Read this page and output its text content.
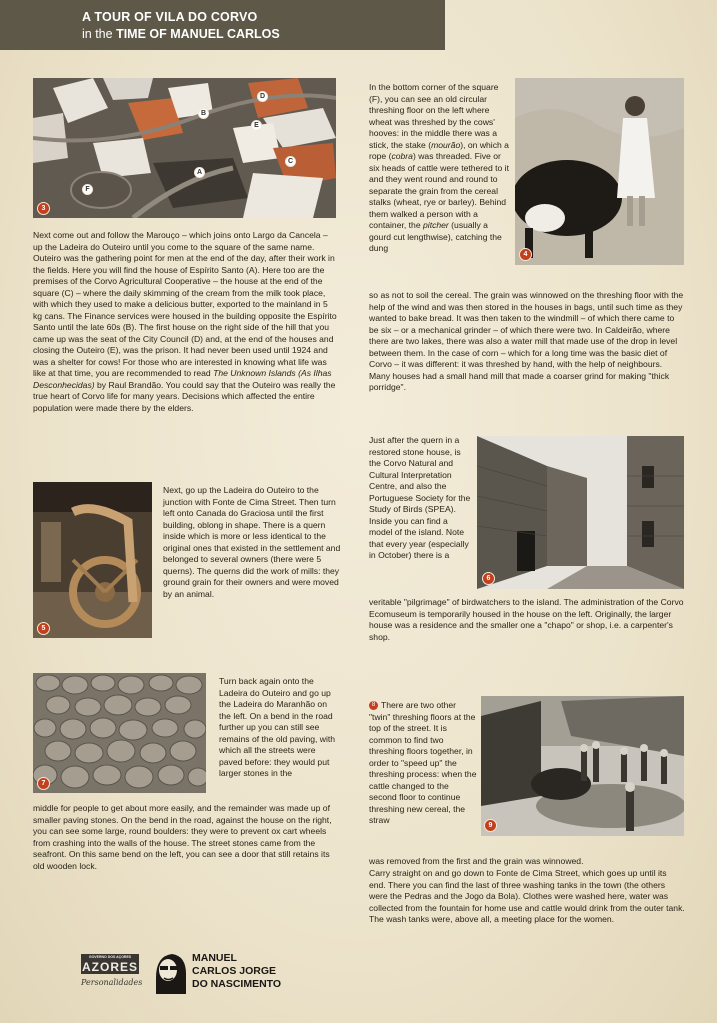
A TOUR OF VILA DO CORVO
in the TIME OF MANUEL CARLOS
3
D
B
E
C
A
F

Next come out and follow the Marouço – which joins onto Largo da Cancela – up the Ladeira do Outeiro until you come to the square of the same name. Outeiro was the gathering point for men at the end of the day, after their work in the fields. Here you will find the house of Espírito Santo (A). Here too are the premises of the Corvo Agricultural Cooperative – the house at the end of the square (C) – where the daily skimming of the cream from the milk took place, with which they used to make a delicious butter, exported to the mainland in 5 kg cans. The Finance services were housed in the building opposite the Espírito Santo until the late 60s (B). The first house on the right side of the hill that you came up was the seat of the City Council (D) and, at the end of the houses and closing the Outeiro (E), was the prison. It had never been used until 1924 and was a shelter for cows! For those who are interested in knowing what life was like at that time, you are recommended to read The Unknown Islands (As Ilhas Desconhecidas) by Raul Brandão. You could say that the Outeiro was really the true heart of Corvo life for many years. Decisions which affected the entire population were made there by the elders.

5

Next, go up the Ladeira do Outeiro to the junction with Fonte de Cima Street. Then turn left onto Canada do Graciosa until the first building, oblong in shape. There is a quern inside which is more or less identical to the original ones that existed in the settlement and belonged to several owners (there were 5 querns). The querns did the work of mills: they ground grain for their owners and were moved by an animal.

7

Turn back again onto the Ladeira do Outeiro and go up the Ladeira do Maranhão on the left. On a bend in the road further up you can still see remains of the old paving, with which all the streets were paved before: they would put larger stones in the

middle for people to get about more easily, and the remainder was made up of smaller paving stones. On the bend in the road, against the house on the right, you can see some large, round boulders: they were to prevent ox cart wheels from crashing into the walls of the house. The street stones came from the seafront. On this same bend on the left, you can see a door that still retains its old wooden lock.

4

In the bottom corner of the square (F), you can see an old circular threshing floor on the left where wheat was threshed by the cows' hooves: in the middle there was a stick, the stake (mourão), on which a rope (cobra) was threaded. Five or six heads of cattle were tethered to it and they went round and round to separate the grain from the cereal stalks (wheat, rye or barley). Behind them walked a person with a container, the pitcher (usually a gourd cut lengthwise), catching the dung

so as not to soil the cereal. The grain was winnowed on the threshing floor with the help of the wind and was then stored in the houses in bags, until such time as they wanted to bake bread. It was then taken to the windmill – of which there came to be six – or a mechanical grinder – of which there were two. In Caldeirão, where there are two lakes, there was also a water mill that made use of the drop in level between them. In the case of corn – which for a long time was the basic diet of Corvo – it was different: it was threshed by hand, with the help of neighbours. Many houses had a small hand mill that made a coarser grind for making "thick porridge".

6

Just after the quern in a restored stone house, is the Corvo Natural and Cultural Interpretation Centre, and also the Portuguese Society for the Study of Birds (SPEA). Inside you can find a model of the island. Note that every year (especially in October) there is a

veritable "pilgrimage" of birdwatchers to the island. The administration of the Corvo Ecomuseum is temporarily housed in the house on the left. Originally, the larger house was a residence and the smaller one a "chapo" or shop, i.e. a carpenter's shop.

9

8 There are two other "twin" threshing floors at the top of the street. It is common to find two threshing floors together, in order to "speed up" the threshing process: when the cattle changed to the second floor to continue threshing new cereal, the straw

was removed from the first and the grain was winnowed.

Carry straight on and go down to Fonte de Cima Street, which goes up until its end. There you can find the last of three washing tanks in the town (the others were the Pedras and the Jogo da Bola). Clothes were washed here, water was collected from the fountain for home use and cattle would drink from the outer tank. The wash tanks were, above all, a meeting place for the women.

GOVERNO DOS AÇORES
AZORES
Personalidades
MANUEL
CARLOS JORGE
DO NASCIMENTO
